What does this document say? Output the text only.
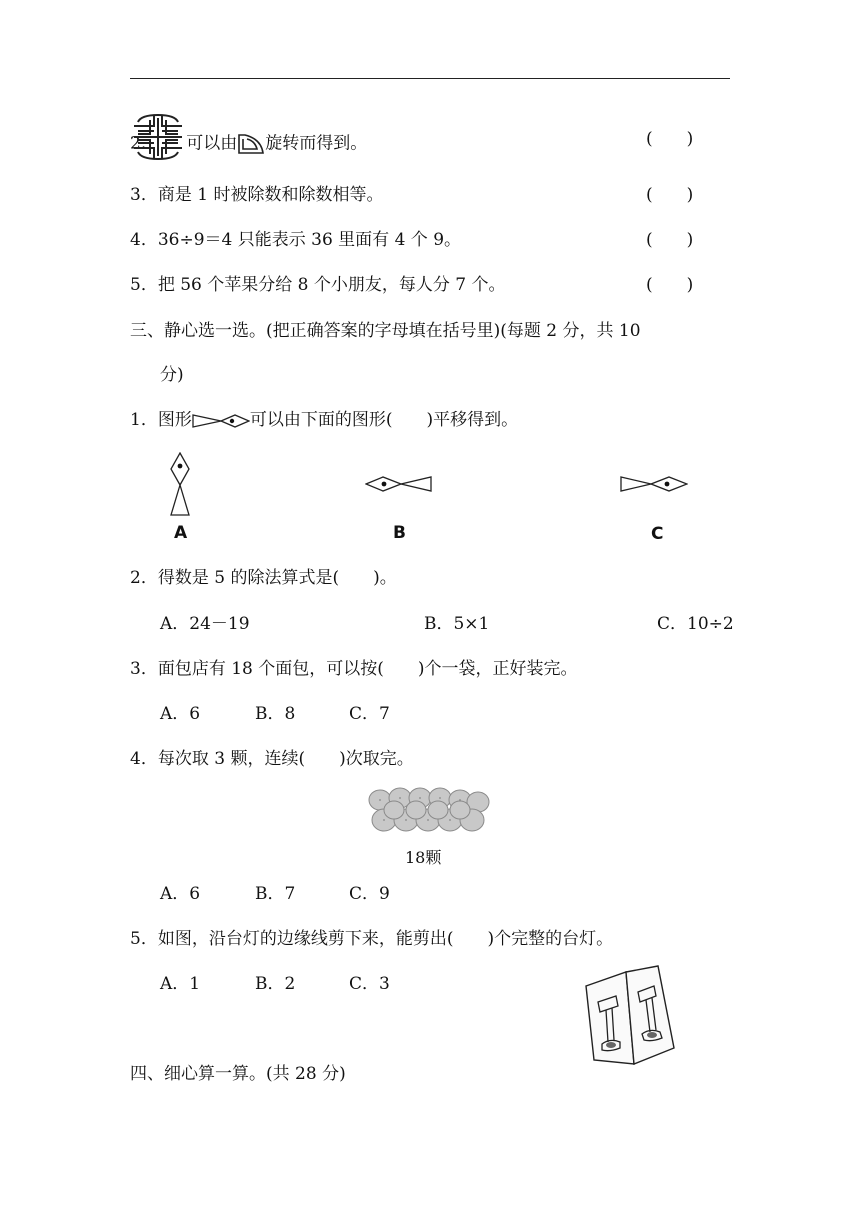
2. 可以由 旋转而得到。	(　　)
3．商是 1 时被除数和除数相等。	(　　)
4．36÷9＝4 只能表示 36 里面有 4 个 9。	(　　)
5．把 56 个苹果分给 8 个小朋友，每人分 7 个。	(　　)
三、静心选一选。(把正确答案的字母填在括号里)(每题 2 分，共 10
分)
1．图形	可以由下面的图形(　　)平移得到。
A	B	C
2．得数是 5 的除法算式是(　　)。
A．24－19	B．5×1	C．10÷2
3．面包店有 18 个面包，可以按(　　)个一袋，正好装完。
A．6	B．8	C．7
4．每次取 3 颗，连续(　　)次取完。
18颗
A．6	B．7	C．9
5．如图，沿台灯的边缘线剪下来，能剪出(　　)个完整的台灯。
A．1	B．2	C．3
四、细心算一算。(共 28 分)
